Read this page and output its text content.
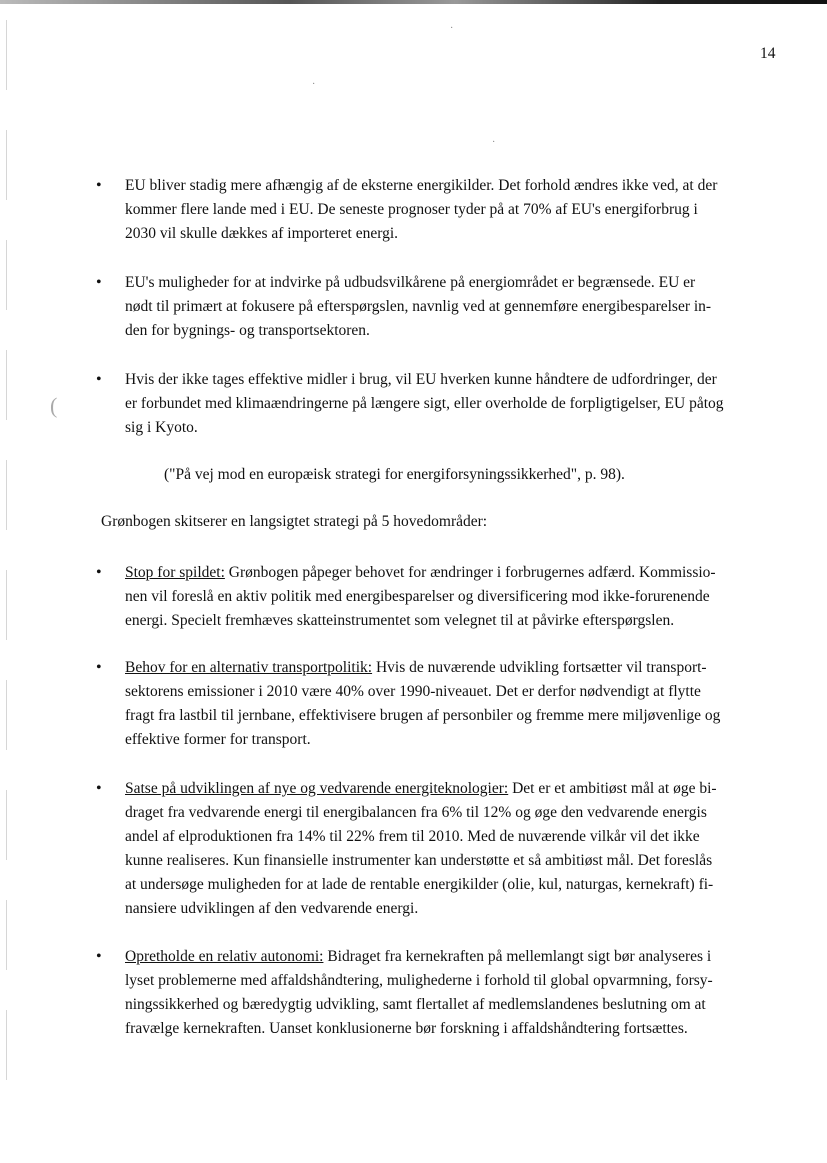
·
·
·
(
14
•	EU bliver stadig mere afhængig af de eksterne energikilder. Det forhold ændres ikke ved, at der
kommer flere lande med i EU. De seneste prognoser tyder på at 70% af EU's energiforbrug i
2030 vil skulle dækkes af importeret energi.

•	EU's muligheder for at indvirke på udbudsvilkårene på energiområdet er begrænsede. EU er
nødt til primært at fokusere på efterspørgslen, navnlig ved at gennemføre energibesparelser in-
den for bygnings- og transportsektoren.

•	Hvis der ikke tages effektive midler i brug, vil EU hverken kunne håndtere de udfordringer, der
er forbundet med klimaændringerne på længere sigt, eller overholde de forpligtigelser, EU påtog
sig i Kyoto.

("På vej mod en europæisk strategi for energiforsyningssikkerhed", p. 98).
Grønbogen skitserer en langsigtet strategi på 5 hovedområder:
•	Stop for spildet: Grønbogen påpeger behovet for ændringer i forbrugernes adfærd. Kommissio-
nen vil foreslå en aktiv politik med energibesparelser og diversificering mod ikke-forurenende
energi. Specielt fremhæves skatteinstrumentet som velegnet til at påvirke efterspørgslen.

•	Behov for en alternativ transportpolitik: Hvis de nuværende udvikling fortsætter vil transport-
sektorens emissioner i 2010 være 40% over 1990-niveauet. Det er derfor nødvendigt at flytte
fragt fra lastbil til jernbane, effektivisere brugen af personbiler og fremme mere miljøvenlige og
effektive former for transport.

•	Satse på udviklingen af nye og vedvarende energiteknologier: Det er et ambitiøst mål at øge bi-
draget fra vedvarende energi til energibalancen fra 6% til 12% og øge den vedvarende energis
andel af elproduktionen fra 14% til 22% frem til 2010. Med de nuværende vilkår vil det ikke
kunne realiseres. Kun finansielle instrumenter kan understøtte et så ambitiøst mål. Det foreslås
at undersøge muligheden for at lade de rentable energikilder (olie, kul, naturgas, kernekraft) fi-
nansiere udviklingen af den vedvarende energi.

•	Opretholde en relativ autonomi: Bidraget fra kernekraften på mellemlangt sigt bør analyseres i
lyset problemerne med affaldshåndtering, mulighederne i forhold til global opvarmning, forsy-
ningssikkerhed og bæredygtig udvikling, samt flertallet af medlemslandenes beslutning om at
fravælge kernekraften. Uanset konklusionerne bør forskning i affaldshåndtering fortsættes.
